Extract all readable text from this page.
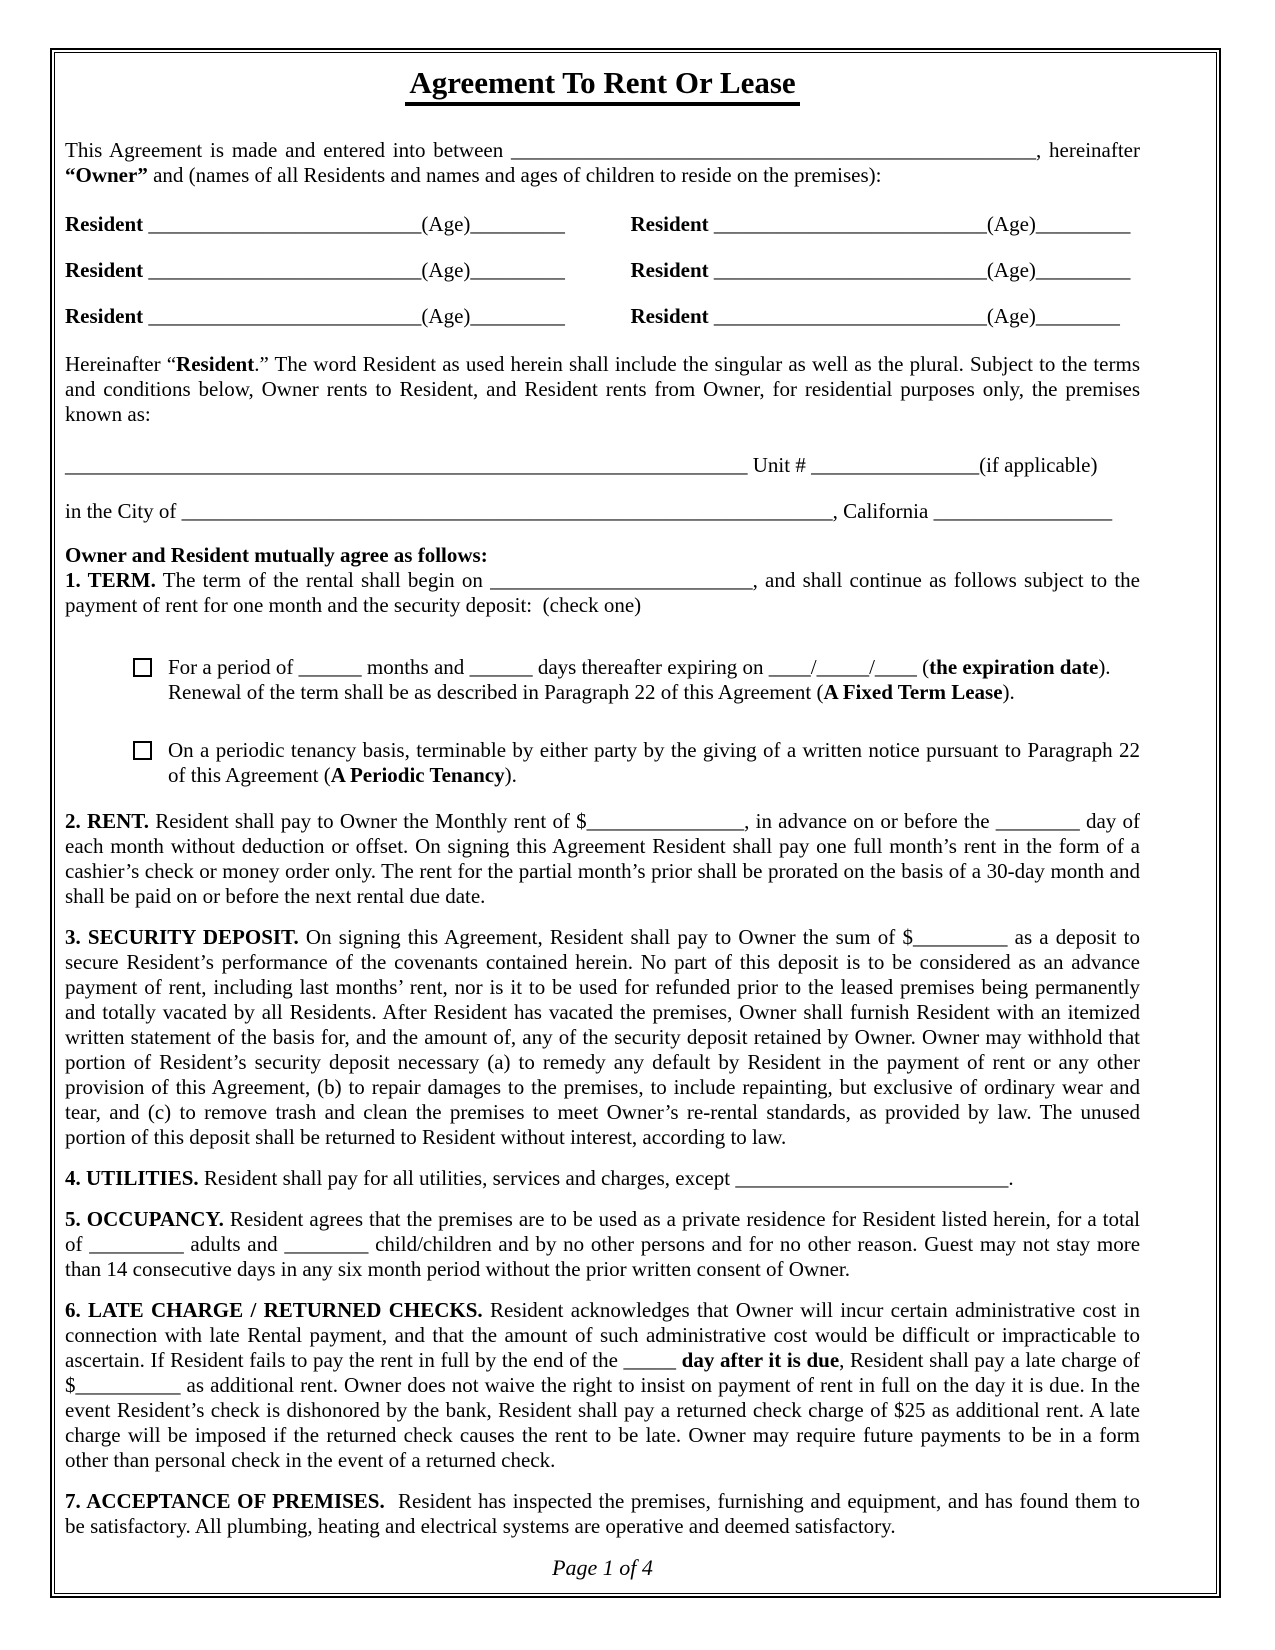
Agreement To Rent Or Lease

This Agreement is made and entered into between __________________________________________________, hereinafter “Owner” and (names of all Residents and names and ages of children to reside on the premises):

Resident __________________________(Age)_________	Resident __________________________(Age)_________
Resident __________________________(Age)_________	Resident __________________________(Age)_________
Resident __________________________(Age)_________	Resident __________________________(Age)________

Hereinafter “Resident.” The word Resident as used herein shall include the singular as well as the plural. Subject to the terms and conditions below, Owner rents to Resident, and Resident rents from Owner, for residential purposes only, the premises known as:

_________________________________________________________________ Unit # ________________(if applicable)
in the City of ______________________________________________________________, California _________________
Owner and Resident mutually agree as follows:

1. TERM. The term of the rental shall begin on _________________________, and shall continue as follows subject to the payment of rent for one month and the security deposit:  (check one)

For a period of ______ months and ______ days thereafter expiring on ____/_____/____ (the expiration date).
Renewal of the term shall be as described in Paragraph 22 of this Agreement (A Fixed Term Lease).
On a periodic tenancy basis, terminable by either party by the giving of a written notice pursuant to Paragraph 22 of this Agreement (A Periodic Tenancy).

2. RENT. Resident shall pay to Owner the Monthly rent of $_______________, in advance on or before the ________ day of each month without deduction or offset. On signing this Agreement Resident shall pay one full month’s rent in the form of a cashier’s check or money order only. The rent for the partial month’s prior shall be prorated on the basis of a 30-day month and shall be paid on or before the next rental due date.

3. SECURITY DEPOSIT. On signing this Agreement, Resident shall pay to Owner the sum of $_________ as a deposit to secure Resident’s performance of the covenants contained herein. No part of this deposit is to be considered as an advance payment of rent, including last months’ rent, nor is it to be used for refunded prior to the leased premises being permanently and totally vacated by all Residents. After Resident has vacated the premises, Owner shall furnish Resident with an itemized written statement of the basis for, and the amount of, any of the security deposit retained by Owner. Owner may withhold that portion of Resident’s security deposit necessary (a) to remedy any default by Resident in the payment of rent or any other provision of this Agreement, (b) to repair damages to the premises, to include repainting, but exclusive of ordinary wear and tear, and (c) to remove trash and clean the premises to meet Owner’s re-rental standards, as provided by law. The unused portion of this deposit shall be returned to Resident without interest, according to law.

4. UTILITIES. Resident shall pay for all utilities, services and charges, except __________________________.

5. OCCUPANCY. Resident agrees that the premises are to be used as a private residence for Resident listed herein, for a total of _________ adults and ________ child/children and by no other persons and for no other reason. Guest may not stay more than 14 consecutive days in any six month period without the prior written consent of Owner.

6. LATE CHARGE / RETURNED CHECKS. Resident acknowledges that Owner will incur certain administrative cost in connection with late Rental payment, and that the amount of such administrative cost would be difficult or impracticable to ascertain. If Resident fails to pay the rent in full by the end of the _____ day after it is due, Resident shall pay a late charge of $__________ as additional rent. Owner does not waive the right to insist on payment of rent in full on the day it is due. In the event Resident’s check is dishonored by the bank, Resident shall pay a returned check charge of $25 as additional rent. A late charge will be imposed if the returned check causes the rent to be late. Owner may require future payments to be in a form other than personal check in the event of a returned check.

7. ACCEPTANCE OF PREMISES.  Resident has inspected the premises, furnishing and equipment, and has found them to be satisfactory. All plumbing, heating and electrical systems are operative and deemed satisfactory.

Page 1 of 4
